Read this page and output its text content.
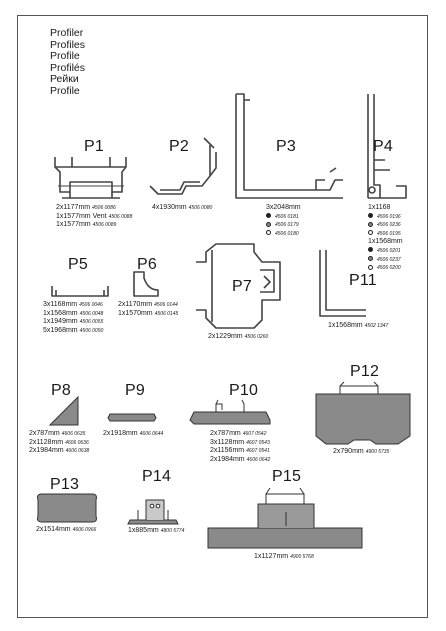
Profiler
Profiles
Profile
Profilés
Рейки
Profile
P1	P2	P3	P4
P5	P6
P7	P11
P8	P9	P10
P12
P13	P14	P15
2x1177mm 4506 0086
1x1577mm Vent 4506 0088
1x1577mm 4506 0089
4x1930mm 4506 0080	3x2048mm
4506 0181
4506 0179
4506 0180
1x1168
4506 0196
4506 0236
4506 0195
1x1568mm
4506 0201
4506 0237
4506 0200
3x1168mm 4506 0046
1x1568mm 4506 0048
1x1949mm 4506 0055
5x1968mm 4506 0050
2x1170mm 4506 0144
1x1570mm 4506 0145
2x1229mm 4506 0260
1x1568mm 4502 1347
2x787mm 4606 0635
2x1128mm 4606 0636
2x1984mm 4606 0638
2x1918mm 4606 0644	2x787mm 4607 0542
3x1128mm 4607 0543
2x1156mm 4607 0541
2x1984mm 4606 0642
2x790mm 4900 5735
2x1514mm 4606 0966	1x885mm 4800 5774
1x1127mm 4900 5768
